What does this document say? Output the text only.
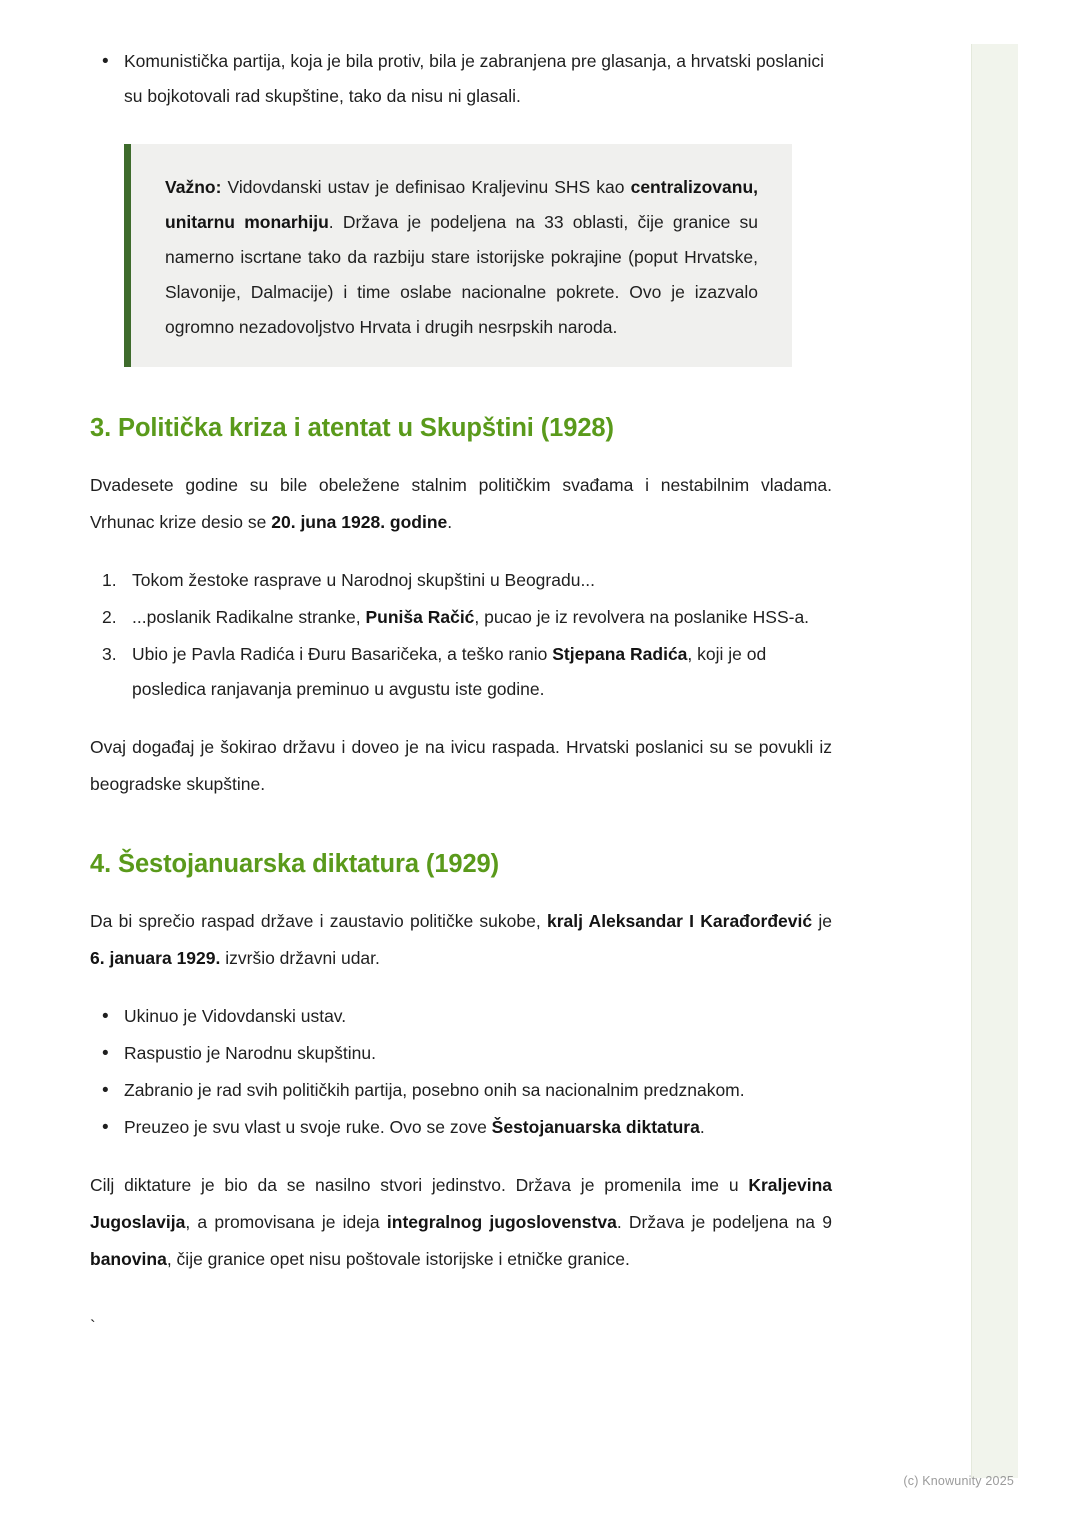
• Komunistička partija, koja je bila protiv, bila je zabranjena pre glasanja, a hrvatski poslanici su bojkotovali rad skupštine, tako da nisu ni glasali.

Važno: Vidovdanski ustav je definisao Kraljevinu SHS kao centralizovanu, unitarnu monarhiju. Država je podeljena na 33 oblasti, čije granice su namerno iscrtane tako da razbiju stare istorijske pokrajine (poput Hrvatske, Slavonije, Dalmacije) i time oslabe nacionalne pokrete. Ovo je izazvalo ogromno nezadovoljstvo Hrvata i drugih nesrpskih naroda.

3. Politička kriza i atentat u Skupštini (1928)

Dvadesete godine su bile obeležene stalnim političkim svađama i nestabilnim vladama. Vrhunac krize desio se 20. juna 1928. godine.

Tokom žestoke rasprave u Narodnoj skupštini u Beogradu...
...poslanik Radikalne stranke, Puniša Račić, pucao je iz revolvera na poslanike HSS-a.
Ubio je Pavla Radića i Đuru Basaričeka, a teško ranio Stjepana Radića, koji je od posledica ranjavanja preminuo u avgustu iste godine.

Ovaj događaj je šokirao državu i doveo je na ivicu raspada. Hrvatski poslanici su se povukli iz beogradske skupštine.

4. Šestojanuarska diktatura (1929)

Da bi sprečio raspad države i zaustavio političke sukobe, kralj Aleksandar I Karađorđević je 6. januara 1929. izvršio državni udar.

• Ukinuo je Vidovdanski ustav.
• Raspustio je Narodnu skupštinu.
• Zabranio je rad svih političkih partija, posebno onih sa nacionalnim predznakom.
• Preuzeo je svu vlast u svoje ruke. Ovo se zove Šestojanuarska diktatura.

Cilj diktature je bio da se nasilno stvori jedinstvo. Država je promenila ime u Kraljevina Jugoslavija, a promovisana je ideja integralnog jugoslovenstva. Država je podeljena na 9 banovina, čije granice opet nisu poštovale istorijske i etničke granice.

`
(c) Knowunity 2025
